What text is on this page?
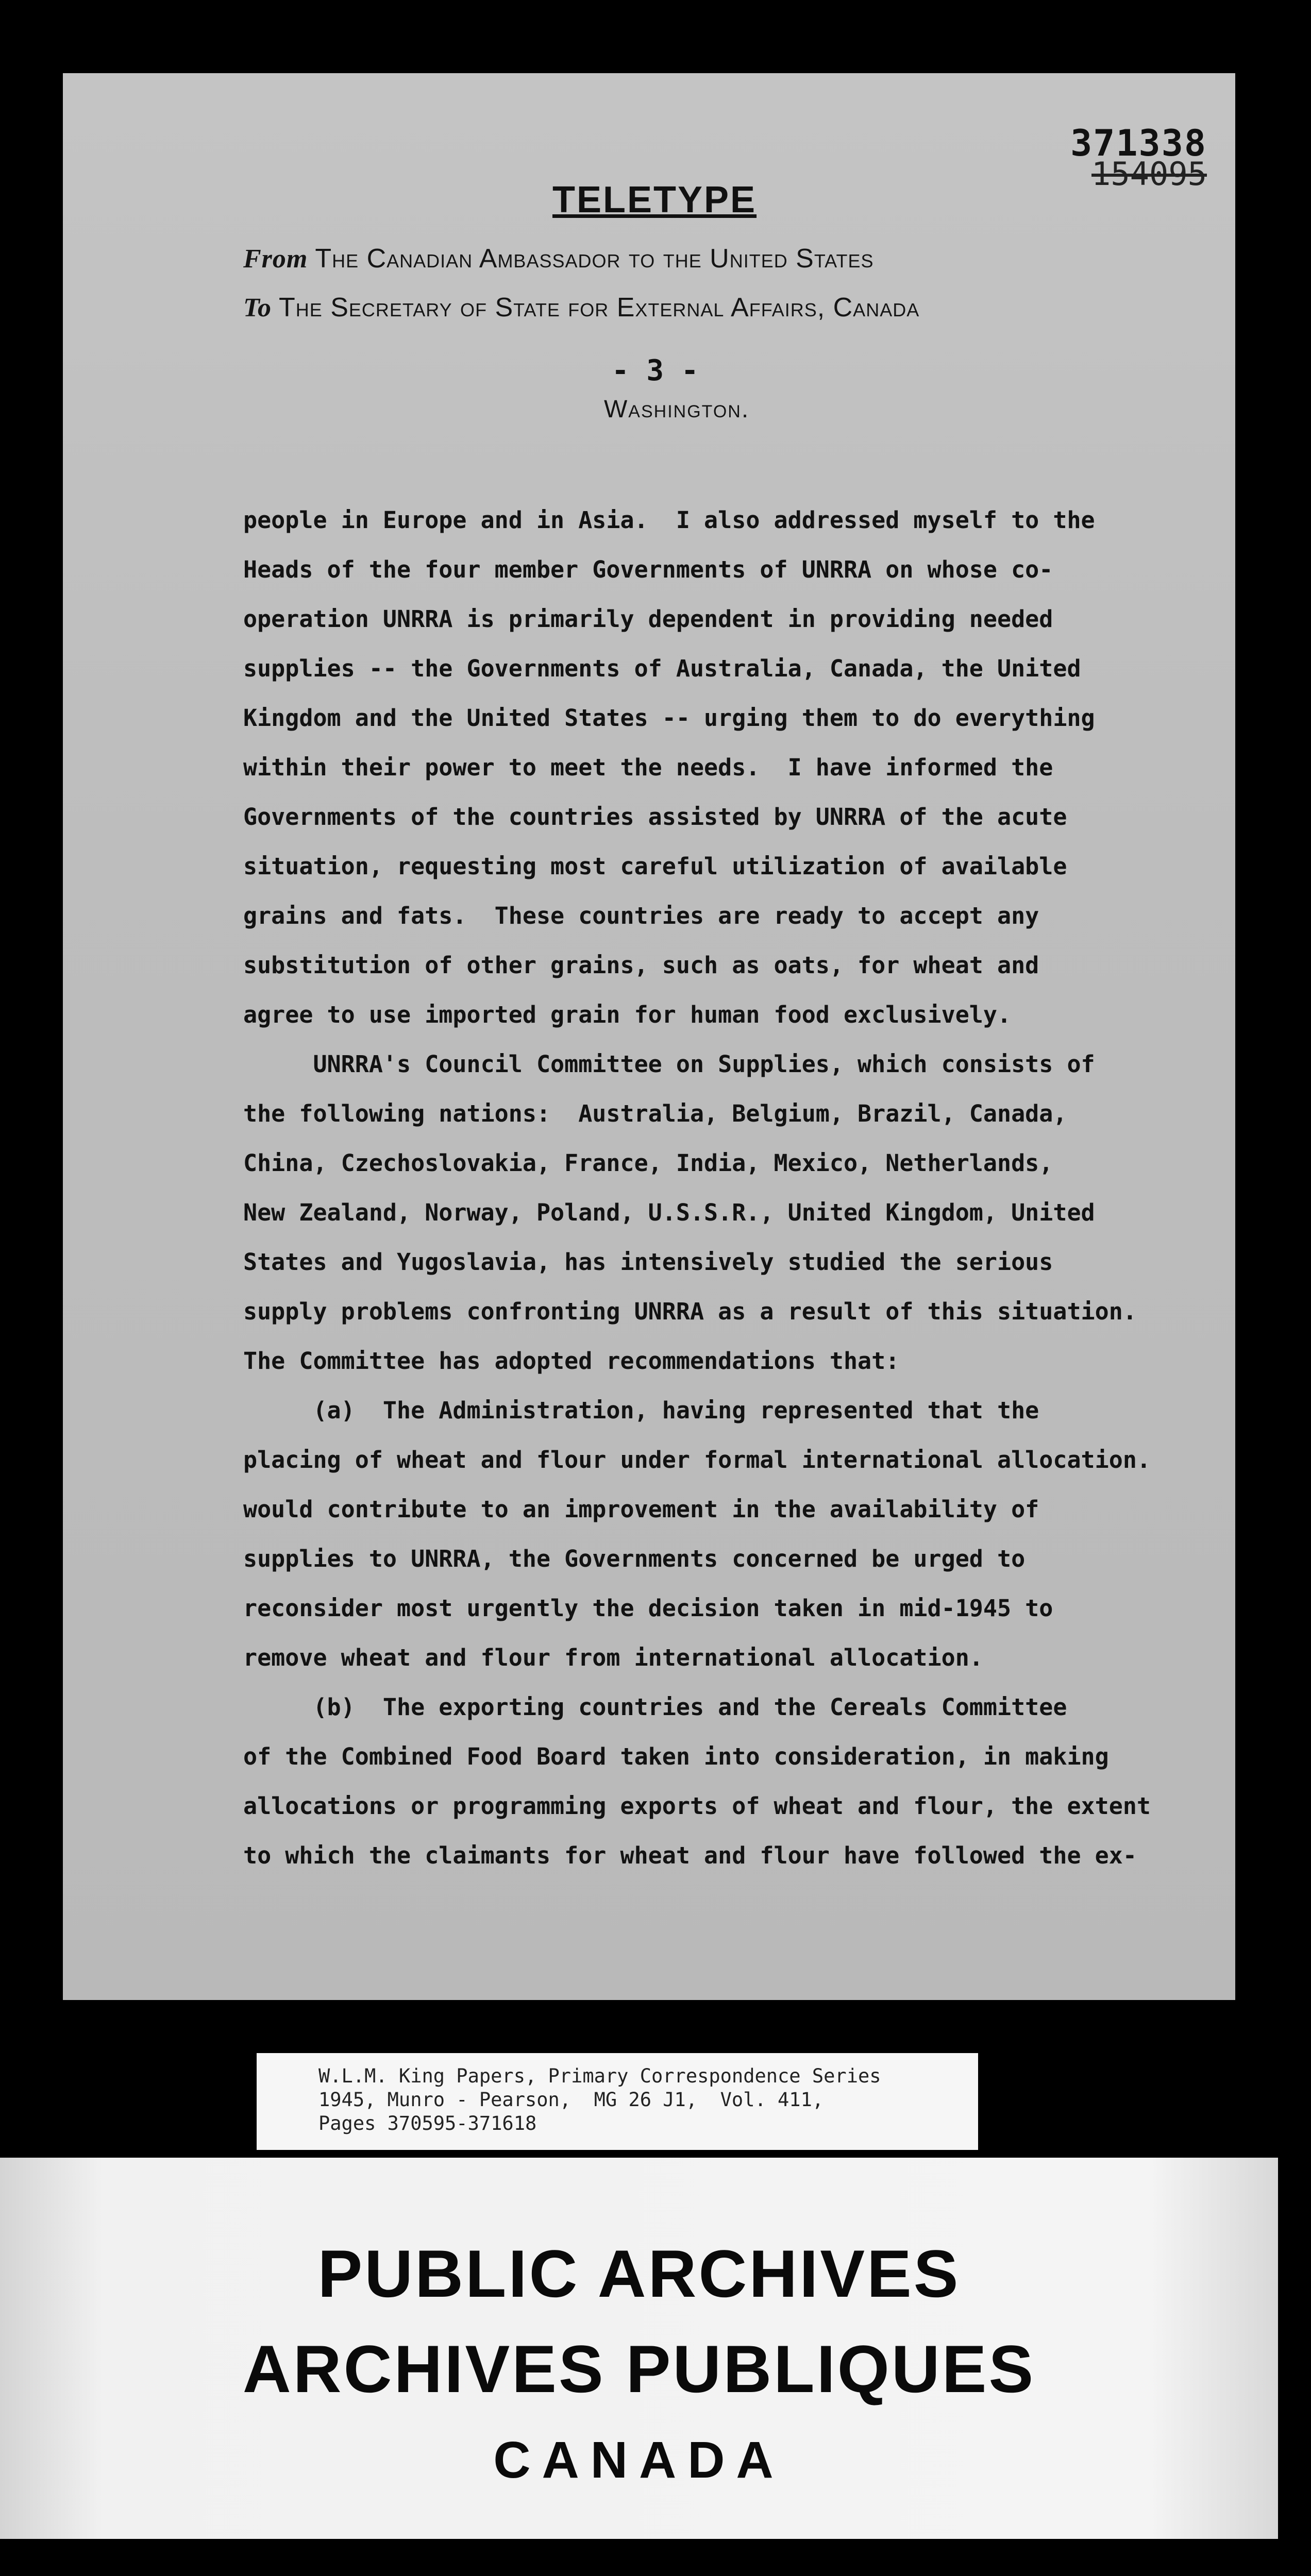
371338
154095
TELETYPE
From The Canadian Ambassador to the United States
To The Secretary of State for External Affairs, Canada
- 3 -
Washington.
people in Europe and in Asia.  I also addressed myself to the
Heads of the four member Governments of UNRRA on whose co-
operation UNRRA is primarily dependent in providing needed
supplies -- the Governments of Australia, Canada, the United
Kingdom and the United States -- urging them to do everything
within their power to meet the needs.  I have informed the
Governments of the countries assisted by UNRRA of the acute
situation, requesting most careful utilization of available
grains and fats.  These countries are ready to accept any
substitution of other grains, such as oats, for wheat and
agree to use imported grain for human food exclusively.
UNRRA's Council Committee on Supplies, which consists of
the following nations:  Australia, Belgium, Brazil, Canada,
China, Czechoslovakia, France, India, Mexico, Netherlands,
New Zealand, Norway, Poland, U.S.S.R., United Kingdom, United
States and Yugoslavia, has intensively studied the serious
supply problems confronting UNRRA as a result of this situation.
The Committee has adopted recommendations that:
(a)  The Administration, having represented that the
placing of wheat and flour under formal international allocation.
would contribute to an improvement in the availability of
supplies to UNRRA, the Governments concerned be urged to
reconsider most urgently the decision taken in mid-1945 to
remove wheat and flour from international allocation.
(b)  The exporting countries and the Cereals Committee
of the Combined Food Board taken into consideration, in making
allocations or programming exports of wheat and flour, the extent
to which the claimants for wheat and flour have followed the ex-
W.L.M. King Papers, Primary Correspondence Series
1945, Munro - Pearson,  MG 26 J1,  Vol. 411,
Pages 370595-371618
PUBLIC ARCHIVES
ARCHIVES PUBLIQUES
CANADA
